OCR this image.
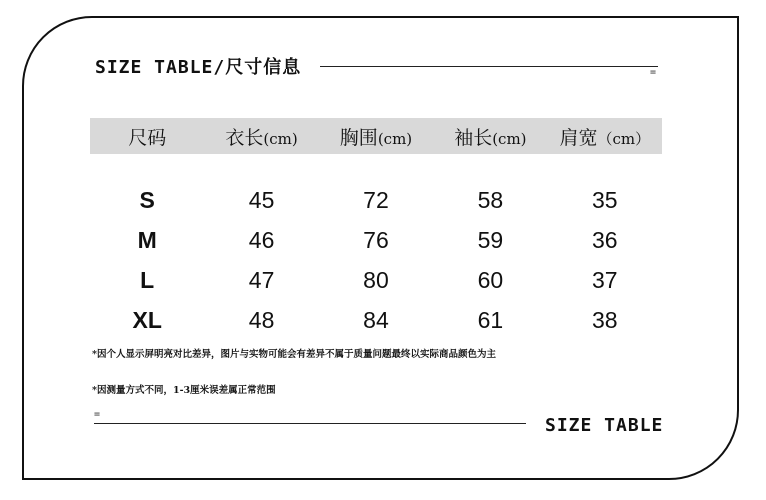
SIZE TABLE/尺寸信息	=
尺码	衣长(cm)	胸围(cm)	袖长(cm)	肩宽（cm）
S	45	72	58	35
M	46	76	59	36
L	47	80	60	37
XL	48	84	61	38
*因个人显示屏明亮对比差异，图片与实物可能会有差异不属于质量问题最终以实际商品颜色为主
*因测量方式不同，1-3厘米误差属正常范围
=
SIZE TABLE
